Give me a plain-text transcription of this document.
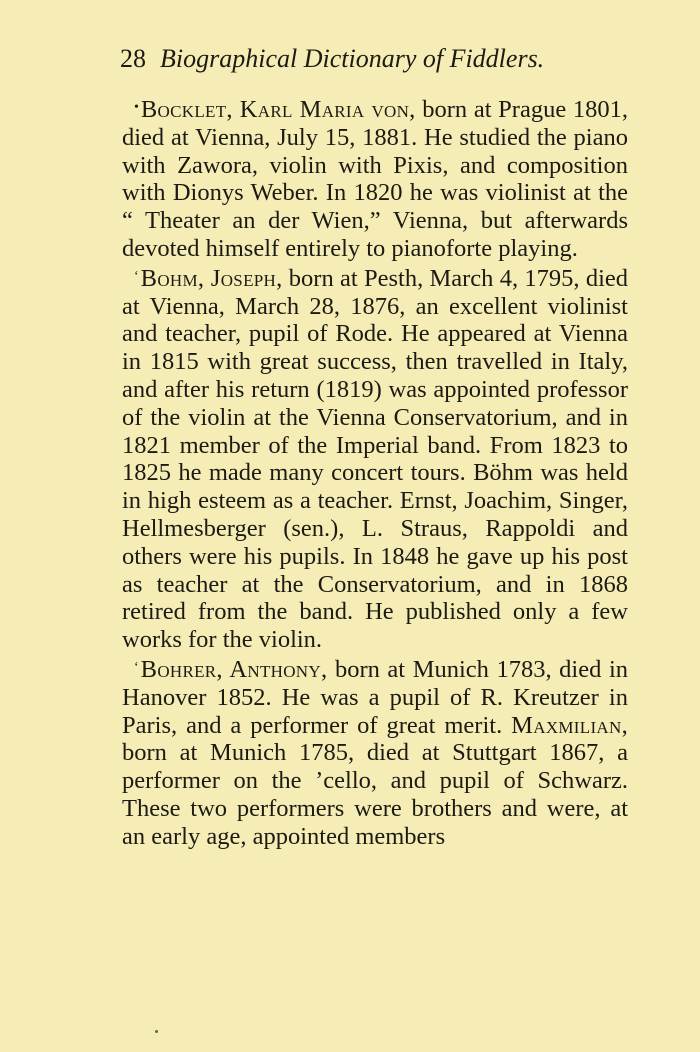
28 Biographical Dictionary of Fiddlers.

•Bocklet, Karl Maria von, born at Prague 1801, died at Vienna, July 15, 1881. He studied the piano with Zawora, violin with Pixis, and composition with Dionys Weber. In 1820 he was violinist at the “ Theater an der Wien,” Vienna, but afterwards devoted himself entirely to pianoforte playing.

‘Bohm, Joseph, born at Pesth, March 4, 1795, died at Vienna, March 28, 1876, an excellent violinist and teacher, pupil of Rode. He appeared at Vienna in 1815 with great success, then travelled in Italy, and after his return (1819) was appointed professor of the violin at the Vienna Conservatorium, and in 1821 member of the Imperial band. From 1823 to 1825 he made many concert tours. Böhm was held in high esteem as a teacher. Ernst, Joachim, Singer, Hellmesberger (sen.), L. Straus, Rappoldi and others were his pupils. In 1848 he gave up his post as teacher at the Conservatorium, and in 1868 retired from the band. He published only a few works for the violin.

‘Bohrer, Anthony, born at Munich 1783, died in Hanover 1852. He was a pupil of R. Kreutzer in Paris, and a performer of great merit. Maxmilian, born at Munich 1785, died at Stuttgart 1867, a performer on the ’cello, and pupil of Schwarz. These two performers were brothers and were, at an early age, appointed members
